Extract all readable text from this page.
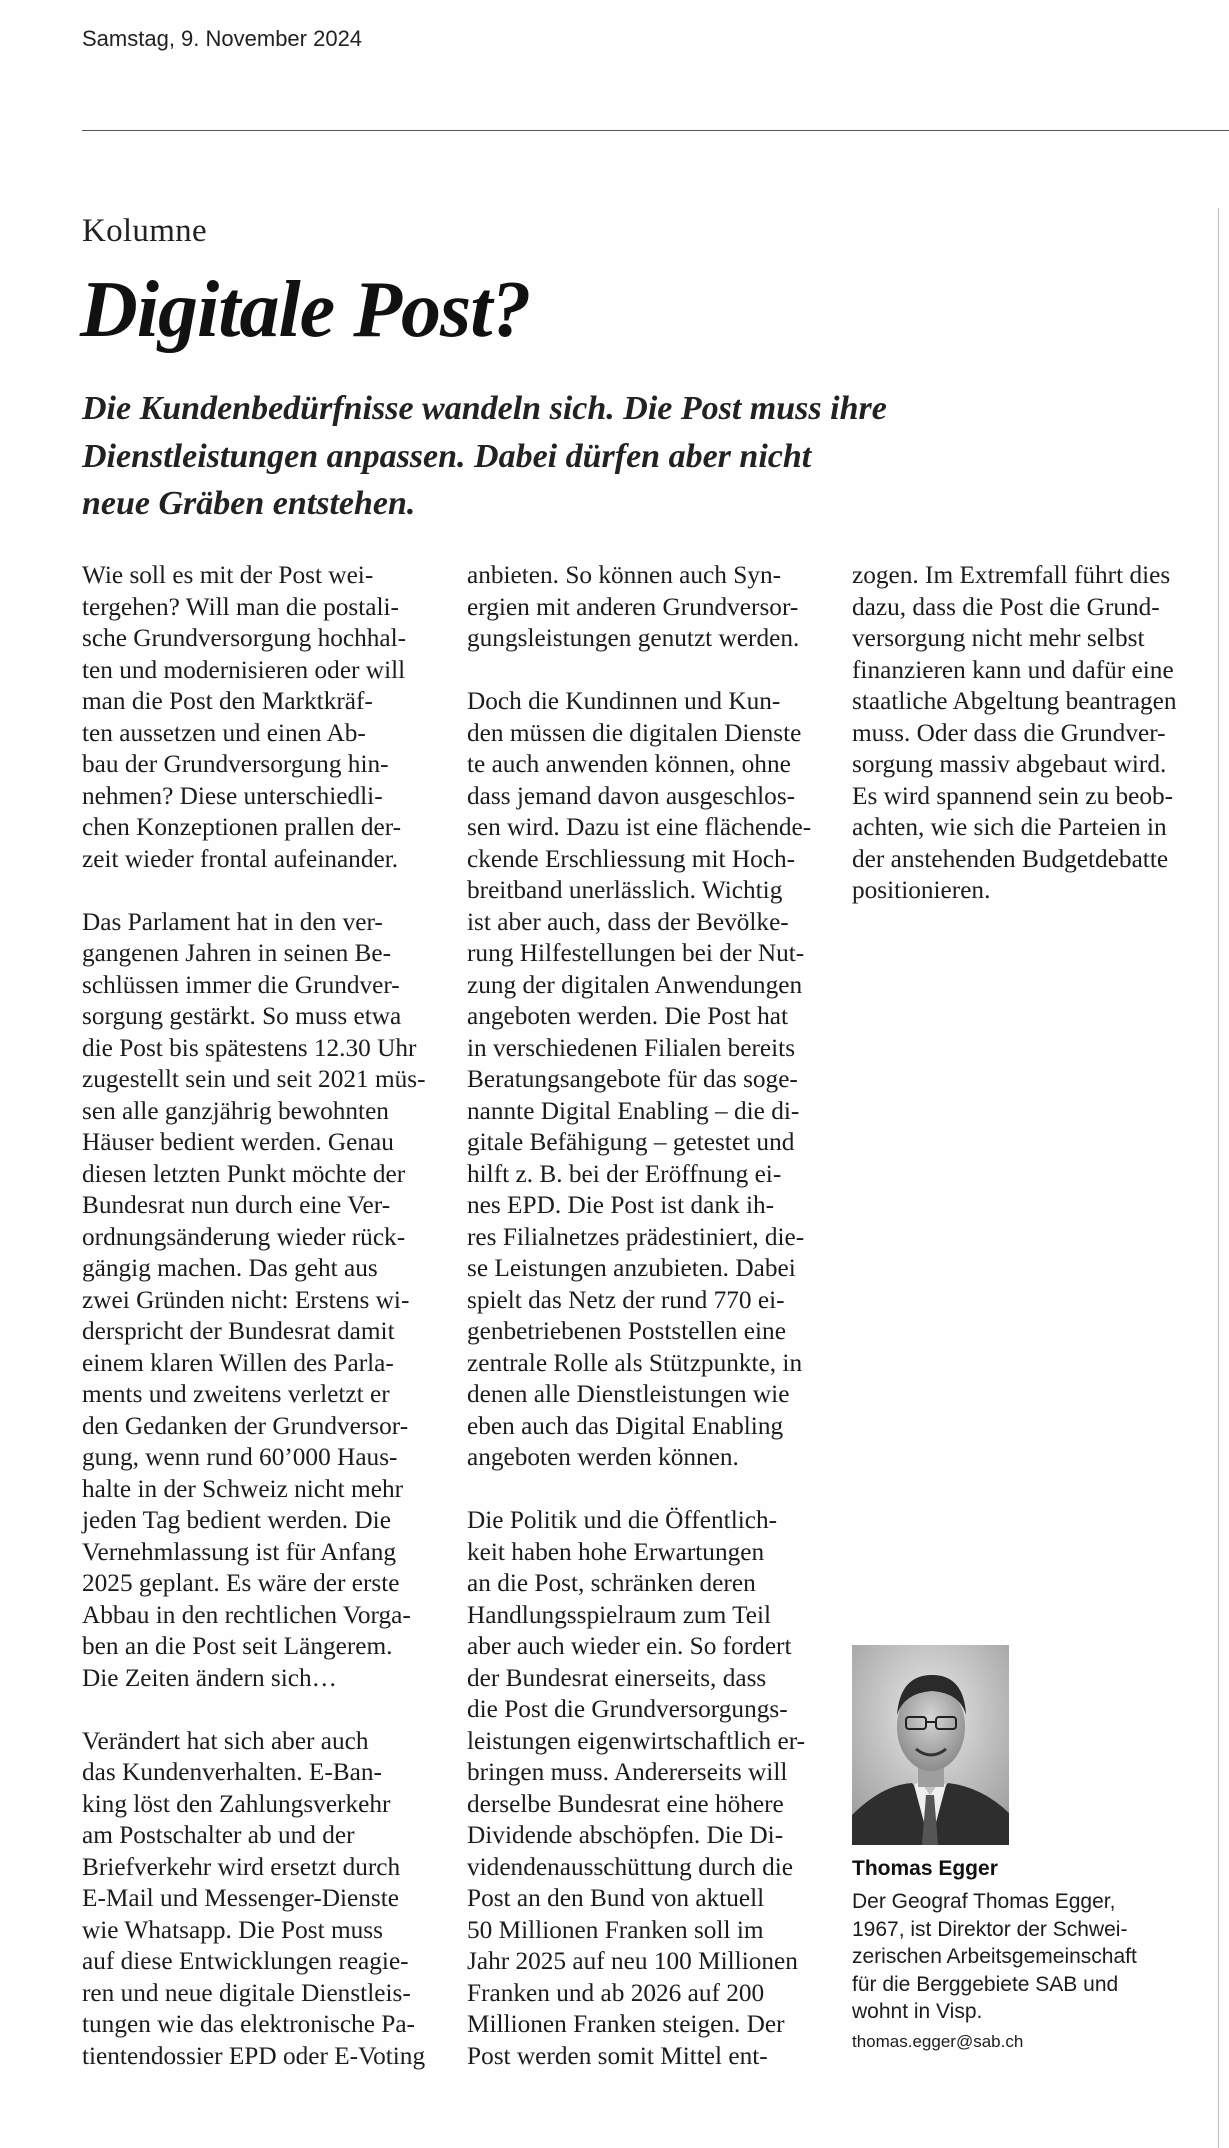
Samstag, 9. November 2024
Kolumne
Digitale Post?
Die Kundenbedürfnisse wandeln sich. Die Post muss ihre
Dienstleistungen anpassen. Dabei dürfen aber nicht
neue Gräben entstehen.
Wie soll es mit der Post wei-
tergehen? Will man die postali-
sche Grundversorgung hochhal-
ten und modernisieren oder will
man die Post den Marktkräf-
ten aussetzen und einen Ab-
bau der Grundversorgung hin-
nehmen? Diese unterschiedli-
chen Konzeptionen prallen der-
zeit wieder frontal aufeinander.
Das Parlament hat in den ver-
gangenen Jahren in seinen Be-
schlüssen immer die Grundver-
sorgung gestärkt. So muss etwa
die Post bis spätestens 12.30 Uhr
zugestellt sein und seit 2021 müs-
sen alle ganzjährig bewohnten
Häuser bedient werden. Genau
diesen letzten Punkt möchte der
Bundesrat nun durch eine Ver-
ordnungsänderung wieder rück-
gängig machen. Das geht aus
zwei Gründen nicht: Erstens wi-
derspricht der Bundesrat damit
einem klaren Willen des Parla-
ments und zweitens verletzt er
den Gedanken der Grundversor-
gung, wenn rund 60’000 Haus-
halte in der Schweiz nicht mehr
jeden Tag bedient werden. Die
Vernehmlassung ist für Anfang
2025 geplant. Es wäre der erste
Abbau in den rechtlichen Vorga-
ben an die Post seit Längerem.
Die Zeiten ändern sich…
Verändert hat sich aber auch
das Kundenverhalten. E-Ban-
king löst den Zahlungsverkehr
am Postschalter ab und der
Briefverkehr wird ersetzt durch
E-Mail und Messenger-Dienste
wie Whatsapp. Die Post muss
auf diese Entwicklungen reagie-
ren und neue digitale Dienstleis-
tungen wie das elektronische Pa-
tientendossier EPD oder E-Voting
anbieten. So können auch Syn-
ergien mit anderen Grundversor-
gungsleistungen genutzt werden.
Doch die Kundinnen und Kun-
den müssen die digitalen Dienste
te auch anwenden können, ohne
dass jemand davon ausgeschlos-
sen wird. Dazu ist eine flächende-
ckende Erschliessung mit Hoch-
breitband unerlässlich. Wichtig
ist aber auch, dass der Bevölke-
rung Hilfestellungen bei der Nut-
zung der digitalen Anwendungen
angeboten werden. Die Post hat
in verschiedenen Filialen bereits
Beratungsangebote für das soge-
nannte Digital Enabling – die di-
gitale Befähigung – getestet und
hilft z. B. bei der Eröffnung ei-
nes EPD. Die Post ist dank ih-
res Filialnetzes prädestiniert, die-
se Leistungen anzubieten. Dabei
spielt das Netz der rund 770 ei-
genbetriebenen Poststellen eine
zentrale Rolle als Stützpunkte, in
denen alle Dienstleistungen wie
eben auch das Digital Enabling
angeboten werden können.
Die Politik und die Öffentlich-
keit haben hohe Erwartungen
an die Post, schränken deren
Handlungsspielraum zum Teil
aber auch wieder ein. So fordert
der Bundesrat einerseits, dass
die Post die Grundversorgungs-
leistungen eigenwirtschaftlich er-
bringen muss. Andererseits will
derselbe Bundesrat eine höhere
Dividende abschöpfen. Die Di-
videndenausschüttung durch die
Post an den Bund von aktuell
50 Millionen Franken soll im
Jahr 2025 auf neu 100 Millionen
Franken und ab 2026 auf 200
Millionen Franken steigen. Der
Post werden somit Mittel ent-
zogen. Im Extremfall führt dies
dazu, dass die Post die Grund-
versorgung nicht mehr selbst
finanzieren kann und dafür eine
staatliche Abgeltung beantragen
muss. Oder dass die Grundver-
sorgung massiv abgebaut wird.
Es wird spannend sein zu beob-
achten, wie sich die Parteien in
der anstehenden Budgetdebatte
positionieren.
Thomas Egger
Der Geograf Thomas Egger,
1967, ist Direktor der Schwei-
zerischen Arbeitsgemeinschaft
für die Berggebiete SAB und
wohnt in Visp.
thomas.egger@sab.ch
